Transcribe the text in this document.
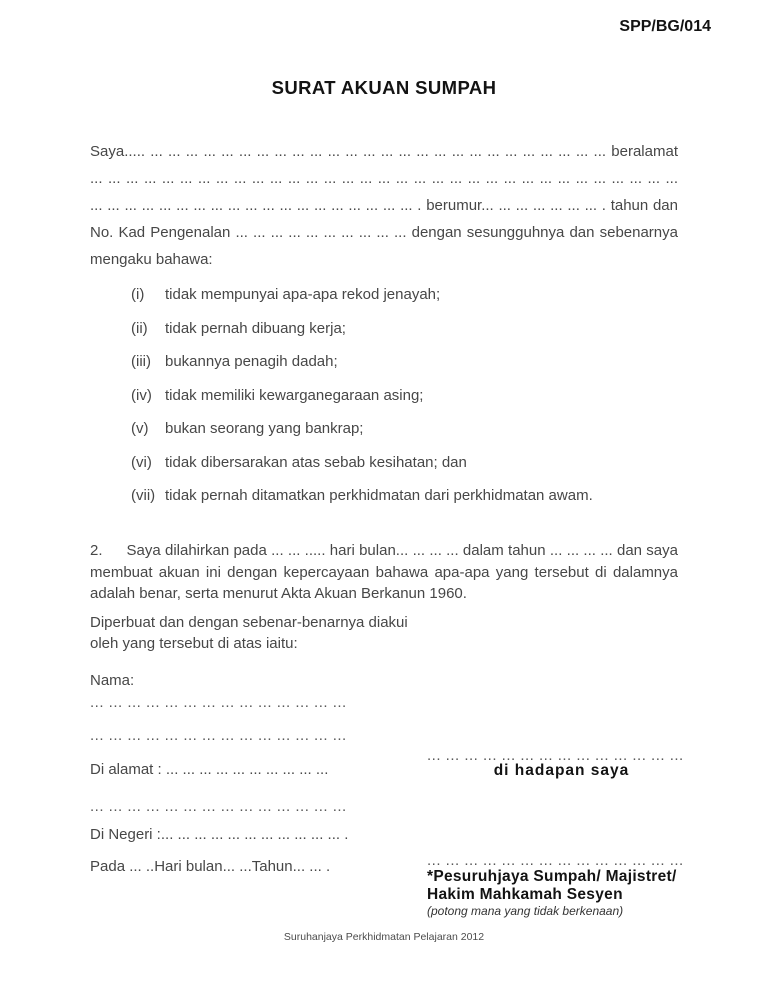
SPP/BG/014
SURAT AKUAN SUMPAH
Saya..... ... ... ... ... ... ... ... ... ... ... ... ... ... ... ... ... ... ... ... ... ... ... ... ... ... ... beralamat
... ... ... ... ... ... ... ... ... ... ... ... ... ... ... ... ... ... ... ... ... ... ... ... ... ... ... ... ... ... ... ... ...
... ... ... ... ... ... ... ... ... ... ... ... ... ... ... ... ... ... ... . berumur... ... ... ... ... ... ... . tahun dan
No. Kad Pengenalan ... ... ... ... ... ... ... ... ... ... dengan sesungguhnya dan sebenarnya
mengaku bahawa:
(i)	tidak mempunyai apa-apa rekod jenayah;
(ii)	tidak pernah dibuang kerja;
(iii) bukannya penagih dadah;
(iv) tidak memiliki kewarganegaraan asing;
(v)	bukan seorang yang bankrap;
(vi) tidak dibersarakan atas sebab kesihatan; dan
(vii) tidak pernah ditamatkan perkhidmatan dari perkhidmatan awam.
2. Saya dilahirkan pada ... ... ..... hari bulan... ... ... ... dalam tahun ... ... ... ... dan saya
membuat akuan ini dengan kepercayaan bahawa apa-apa yang tersebut di dalamnya
adalah benar, serta menurut Akta Akuan Berkanun 1960.
Diperbuat dan dengan sebenar-benarnya diakui
oleh yang tersebut di atas iaitu:
Nama:
... ... ... ... ... ... ... ... ... ... ... ... ... ...
... ... ... ... ... ... ... ... ... ... ... ... ... ...
Di alamat : ... ... ... ... ... ... ... ... ... ...
... ... ... ... ... ... ... ... ... ... ... ... ... ...
Di Negeri :... ... ... ... ... ... ... ... ... ... ... .
Pada ... ..Hari bulan... ...Tahun... ... .
... ... ... ... ... ... ... ... ... ... ... ... ... ...
di hadapan saya
... ... ... ... ... ... ... ... ... ... ... ... ... ...
*Pesuruhjaya Sumpah/ Majistret/
Hakim Mahkamah Sesyen
(potong mana yang tidak berkenaan)
Suruhanjaya Perkhidmatan Pelajaran 2012
